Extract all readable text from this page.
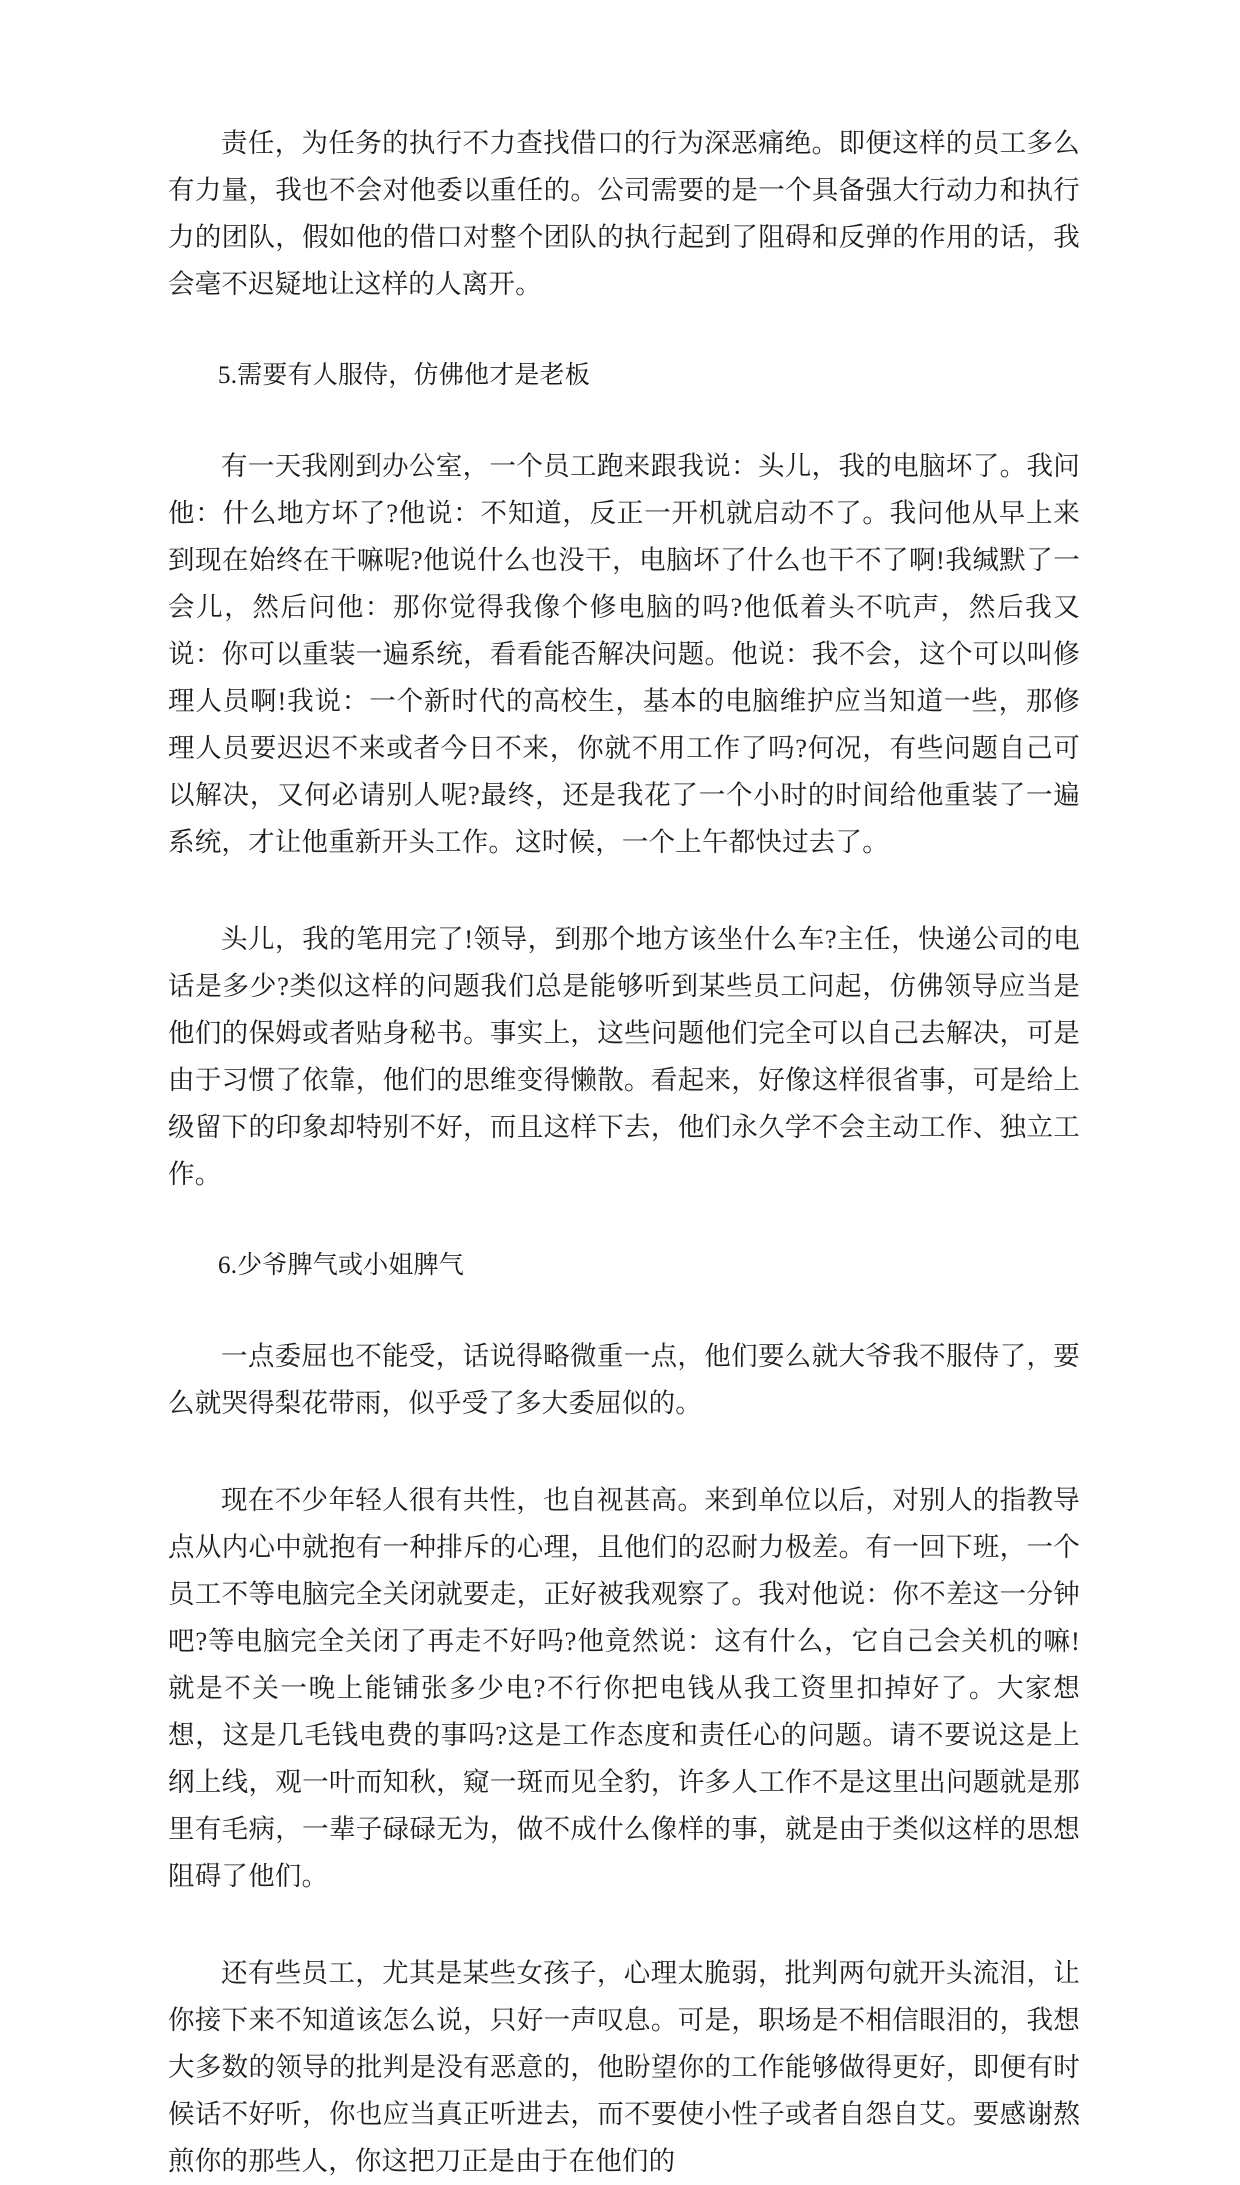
责任，为任务的执行不力查找借口的行为深恶痛绝。即便这样的员工多么有力量，我也不会对他委以重任的。公司需要的是一个具备强大行动力和执行力的团队，假如他的借口对整个团队的执行起到了阻碍和反弹的作用的话，我会毫不迟疑地让这样的人离开。

5.需要有人服侍，仿佛他才是老板

有一天我刚到办公室，一个员工跑来跟我说：头儿，我的电脑坏了。我问他：什么地方坏了?他说：不知道，反正一开机就启动不了。我问他从早上来到现在始终在干嘛呢?他说什么也没干，电脑坏了什么也干不了啊!我缄默了一会儿，然后问他：那你觉得我像个修电脑的吗?他低着头不吭声，然后我又说：你可以重装一遍系统，看看能否解决问题。他说：我不会，这个可以叫修理人员啊!我说：一个新时代的高校生，基本的电脑维护应当知道一些，那修理人员要迟迟不来或者今日不来，你就不用工作了吗?何况，有些问题自己可以解决，又何必请别人呢?最终，还是我花了一个小时的时间给他重装了一遍系统，才让他重新开头工作。这时候，一个上午都快过去了。

头儿，我的笔用完了!领导，到那个地方该坐什么车?主任，快递公司的电话是多少?类似这样的问题我们总是能够听到某些员工问起，仿佛领导应当是他们的保姆或者贴身秘书。事实上，这些问题他们完全可以自己去解决，可是由于习惯了依靠，他们的思维变得懒散。看起来，好像这样很省事，可是给上级留下的印象却特别不好，而且这样下去，他们永久学不会主动工作、独立工作。

6.少爷脾气或小姐脾气

一点委屈也不能受，话说得略微重一点，他们要么就大爷我不服侍了，要么就哭得梨花带雨，似乎受了多大委屈似的。

现在不少年轻人很有共性，也自视甚高。来到单位以后，对别人的指教导点从内心中就抱有一种排斥的心理，且他们的忍耐力极差。有一回下班，一个员工不等电脑完全关闭就要走，正好被我观察了。我对他说：你不差这一分钟吧?等电脑完全关闭了再走不好吗?他竟然说：这有什么，它自己会关机的嘛!就是不关一晚上能铺张多少电?不行你把电钱从我工资里扣掉好了。大家想想，这是几毛钱电费的事吗?这是工作态度和责任心的问题。请不要说这是上纲上线，观一叶而知秋，窥一斑而见全豹，许多人工作不是这里出问题就是那里有毛病，一辈子碌碌无为，做不成什么像样的事，就是由于类似这样的思想阻碍了他们。

还有些员工，尤其是某些女孩子，心理太脆弱，批判两句就开头流泪，让你接下来不知道该怎么说，只好一声叹息。可是，职场是不相信眼泪的，我想大多数的领导的批判是没有恶意的，他盼望你的工作能够做得更好，即便有时候话不好听，你也应当真正听进去，而不要使小性子或者自怨自艾。要感谢熬煎你的那些人，你这把刀正是由于在他们的
